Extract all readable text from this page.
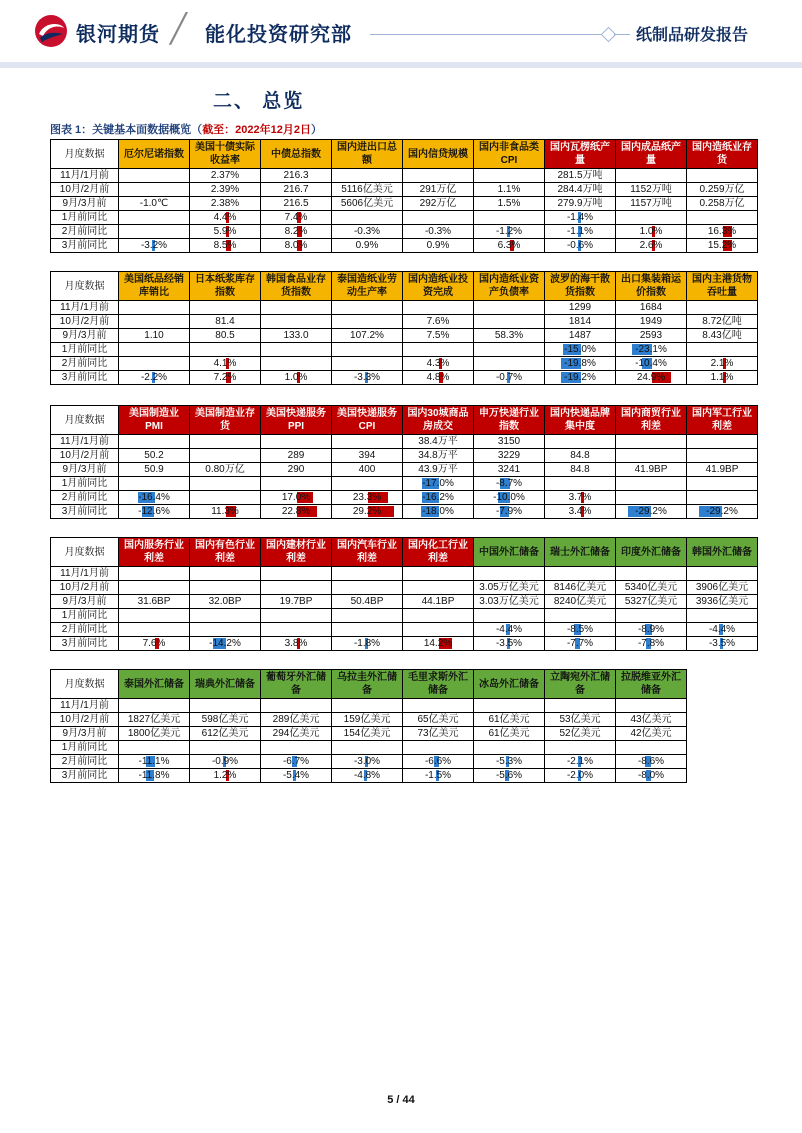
银河期货 ╱ 能化投资研究部	纸制品研发报告
二、 总览
图表 1：关键基本面数据概览（截至：2022年12月2日）
月度数据	厄尔尼诺指数	美国十债实际收益率	中债总指数	国内进出口总额	国内信贷规模	国内非食品类CPI	国内瓦楞纸产量	国内成品纸产量	国内造纸业存货
11月/1月前		2.37%	216.3				281.5万吨		

10月/2月前		2.39%	216.7	5116亿美元	291万亿	1.1%	284.4万吨	1152万吨	0.259万亿

9月/3月前	-1.0℃	2.38%	216.5	5606亿美元	292万亿	1.5%	279.9万吨	1157万吨	0.258万亿

1月前同比		4.4%	7.4%				-1.4%		

2月前同比		5.9%	8.2%	-0.3%	-0.3%	-1.2%	-1.1%	1.0%	16.3%

3月前同比	-3.2%	8.5%	8.0%	0.9%	0.9%	6.3%	-0.6%	2.6%	15.2%
月度数据	美国纸品经销库销比	日本纸浆库存指数	韩国食品业存货指数	泰国造纸业劳动生产率	国内造纸业投资完成	国内造纸业资产负债率	波罗的海干散货指数	出口集装箱运价指数	国内主港货物吞吐量
11月/1月前							1299	1684	

10月/2月前		81.4			7.6%		1814	1949	8.72亿吨

9月/3月前	1.10	80.5	133.0	107.2%	7.5%	58.3%	1487	2593	8.43亿吨

1月前同比							-15.0%	-23.1%	

2月前同比		4.1%			4.3%		-19.8%	-10.4%	2.1%

3月前同比	-2.2%	7.2%	1.0%	-3.3%	4.8%	-0.7%	-19.2%	24.9%	1.1%
月度数据	美国制造业PMI	美国制造业存货	美国快递服务PPI	美国快递服务CPI	国内30城商品房成交	申万快递行业指数	国内快递品牌集中度	国内商贸行业利差	国内军工行业利差
11月/1月前					38.4万平	3150			

10月/2月前	50.2		289	394	34.8万平	3229	84.8		

9月/3月前	50.9	0.80万亿	290	400	43.9万平	3241	84.8	41.9BP	41.9BP

1月前同比					-17.0%	-8.7%			

2月前同比	-16.4%		17.0%	23.3%	-16.2%	-10.0%	3.7%		

3月前同比	-12.6%	11.3%	22.8%	29.2%	-18.0%	-7.9%	3.4%	-29.2%	-29.2%
月度数据	国内服务行业利差	国内有色行业利差	国内建材行业利差	国内汽车行业利差	国内化工行业利差	中国外汇储备	瑞士外汇储备	印度外汇储备	韩国外汇储备
11月/1月前	

10月/2月前						3.05万亿美元	8146亿美元	5340亿美元	3906亿美元

9月/3月前	31.6BP	32.0BP	19.7BP	50.4BP	44.1BP	3.03万亿美元	8240亿美元	5327亿美元	3936亿美元

1月前同比	

2月前同比						-4.4%	-8.5%	-8.9%	-4.4%

3月前同比	7.6%	-14.2%	3.8%	-1.8%	14.2%	-3.5%	-7.7%	-7.8%	-3.5%
月度数据	泰国外汇储备	瑞典外汇储备	葡萄牙外汇储备	乌拉圭外汇储备	毛里求斯外汇储备	冰岛外汇储备	立陶宛外汇储备	拉脱维亚外汇储备
11月/1月前	

10月/2月前	1827亿美元	598亿美元	289亿美元	159亿美元	65亿美元	61亿美元	53亿美元	43亿美元

9月/3月前	1800亿美元	612亿美元	294亿美元	154亿美元	73亿美元	61亿美元	52亿美元	42亿美元

1月前同比	

2月前同比	-11.1%	-0.9%	-6.7%	-3.0%	-6.6%	-5.3%	-2.1%	-8.6%

3月前同比	-11.8%	1.2%	-5.4%	-4.8%	-1.5%	-5.6%	-2.0%	-8.0%
5 / 44
